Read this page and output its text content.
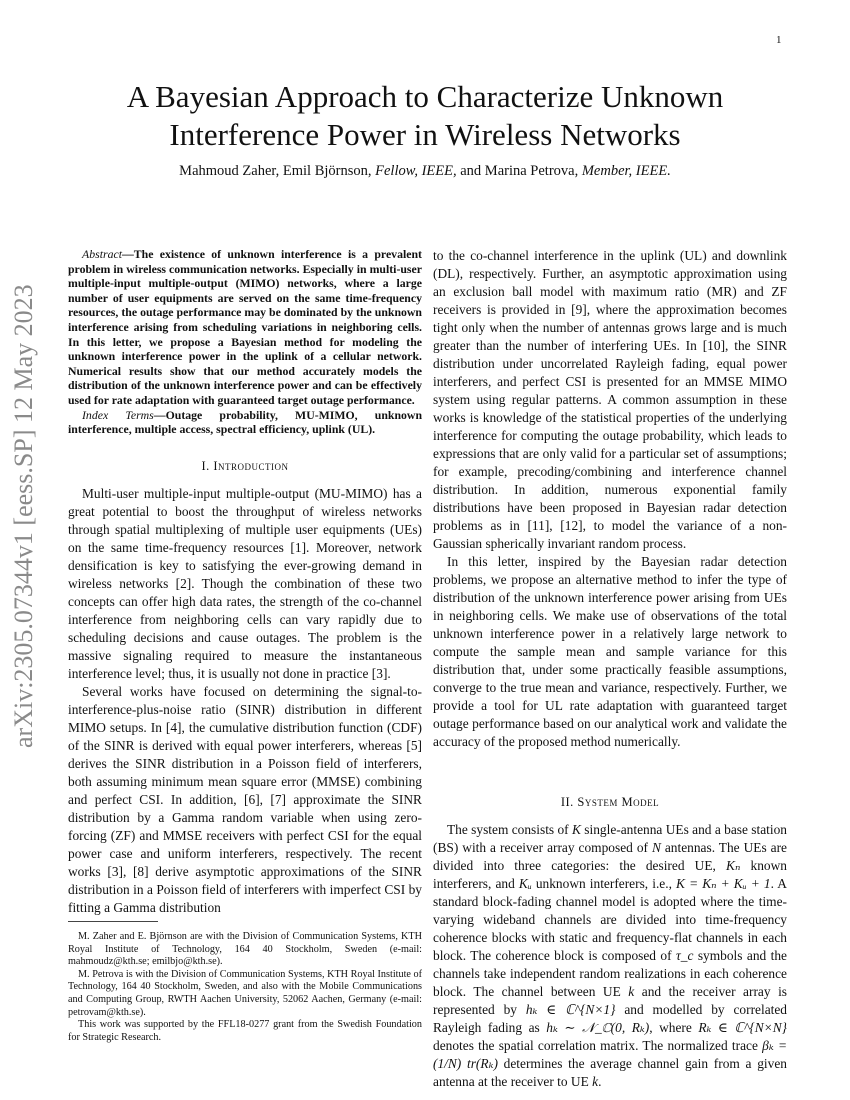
1
arXiv:2305.07344v1 [eess.SP] 12 May 2023
A Bayesian Approach to Characterize Unknown Interference Power in Wireless Networks
Mahmoud Zaher, Emil Björnson, Fellow, IEEE, and Marina Petrova, Member, IEEE.

Abstract—The existence of unknown interference is a prevalent problem in wireless communication networks. Especially in multi-user multiple-input multiple-output (MIMO) networks, where a large number of user equipments are served on the same time-frequency resources, the outage performance may be dominated by the unknown interference arising from scheduling variations in neighboring cells. In this letter, we propose a Bayesian method for modeling the unknown interference power in the uplink of a cellular network. Numerical results show that our method accurately models the distribution of the unknown interference power and can be effectively used for rate adaptation with guaranteed target outage performance.

Index Terms—Outage probability, MU-MIMO, unknown interference, multiple access, spectral efficiency, uplink (UL).

I. Introduction

Multi-user multiple-input multiple-output (MU-MIMO) has a great potential to boost the throughput of wireless networks through spatial multiplexing of multiple user equipments (UEs) on the same time-frequency resources [1]. Moreover, network densification is key to satisfying the ever-growing demand in wireless networks [2]. Though the combination of these two concepts can offer high data rates, the strength of the co-channel interference from neighboring cells can vary rapidly due to scheduling decisions and cause outages. The problem is the massive signaling required to measure the instantaneous interference level; thus, it is usually not done in practice [3].

Several works have focused on determining the signal-to-interference-plus-noise ratio (SINR) distribution in different MIMO setups. In [4], the cumulative distribution function (CDF) of the SINR is derived with equal power interferers, whereas [5] derives the SINR distribution in a Poisson field of interferers, both assuming minimum mean square error (MMSE) combining and perfect CSI. In addition, [6], [7] approximate the SINR distribution by a Gamma random variable when using zero-forcing (ZF) and MMSE receivers with perfect CSI for the equal power case and uniform interferers, respectively. The recent works [3], [8] derive asymptotic approximations of the SINR distribution in a Poisson field of interferers with imperfect CSI by fitting a Gamma distribution

to the co-channel interference in the uplink (UL) and downlink (DL), respectively. Further, an asymptotic approximation using an exclusion ball model with maximum ratio (MR) and ZF receivers is provided in [9], where the approximation becomes tight only when the number of antennas grows large and is much greater than the number of interfering UEs. In [10], the SINR distribution under uncorrelated Rayleigh fading, equal power interferers, and perfect CSI is presented for an MMSE MIMO system using regular patterns. A common assumption in these works is knowledge of the statistical properties of the underlying interference for computing the outage probability, which leads to expressions that are only valid for a particular set of assumptions; for example, precoding/combining and interference channel distribution. In addition, numerous exponential family distributions have been proposed in Bayesian radar detection problems as in [11], [12], to model the variance of a non-Gaussian spherically invariant random process.

In this letter, inspired by the Bayesian radar detection problems, we propose an alternative method to infer the type of distribution of the unknown interference power arising from UEs in neighboring cells. We make use of observations of the total unknown interference power in a relatively large network to compute the sample mean and sample variance for this distribution that, under some practically feasible assumptions, converge to the true mean and variance, respectively. Further, we provide a tool for UL rate adaptation with guaranteed target outage performance based on our analytical work and validate the accuracy of the proposed method numerically.

II. System Model

The system consists of K single-antenna UEs and a base station (BS) with a receiver array composed of N antennas. The UEs are divided into three categories: the desired UE, Kₙ known interferers, and Kᵤ unknown interferers, i.e., K = Kₙ + Kᵤ + 1. A standard block-fading channel model is adopted where the time-varying wideband channels are divided into time-frequency coherence blocks with static and frequency-flat channels in each block. The coherence block is composed of τ_c symbols and the channels take independent random realizations in each coherence block. The channel between UE k and the receiver array is represented by hₖ ∈ ℂ^{N×1} and modelled by correlated Rayleigh fading as hₖ ∼ 𝒩_ℂ(0, Rₖ), where Rₖ ∈ ℂ^{N×N} denotes the spatial correlation matrix. The normalized trace βₖ = (1/N) tr(Rₖ) determines the average channel gain from a given antenna at the receiver to UE k.

M. Zaher and E. Björnson are with the Division of Communication Systems, KTH Royal Institute of Technology, 164 40 Stockholm, Sweden (e-mail: mahmoudz@kth.se; emilbjo@kth.se).

M. Petrova is with the Division of Communication Systems, KTH Royal Institute of Technology, 164 40 Stockholm, Sweden, and also with the Mobile Communications and Computing Group, RWTH Aachen University, 52062 Aachen, Germany (e-mail: petrovam@kth.se).

This work was supported by the FFL18-0277 grant from the Swedish Foundation for Strategic Research.
